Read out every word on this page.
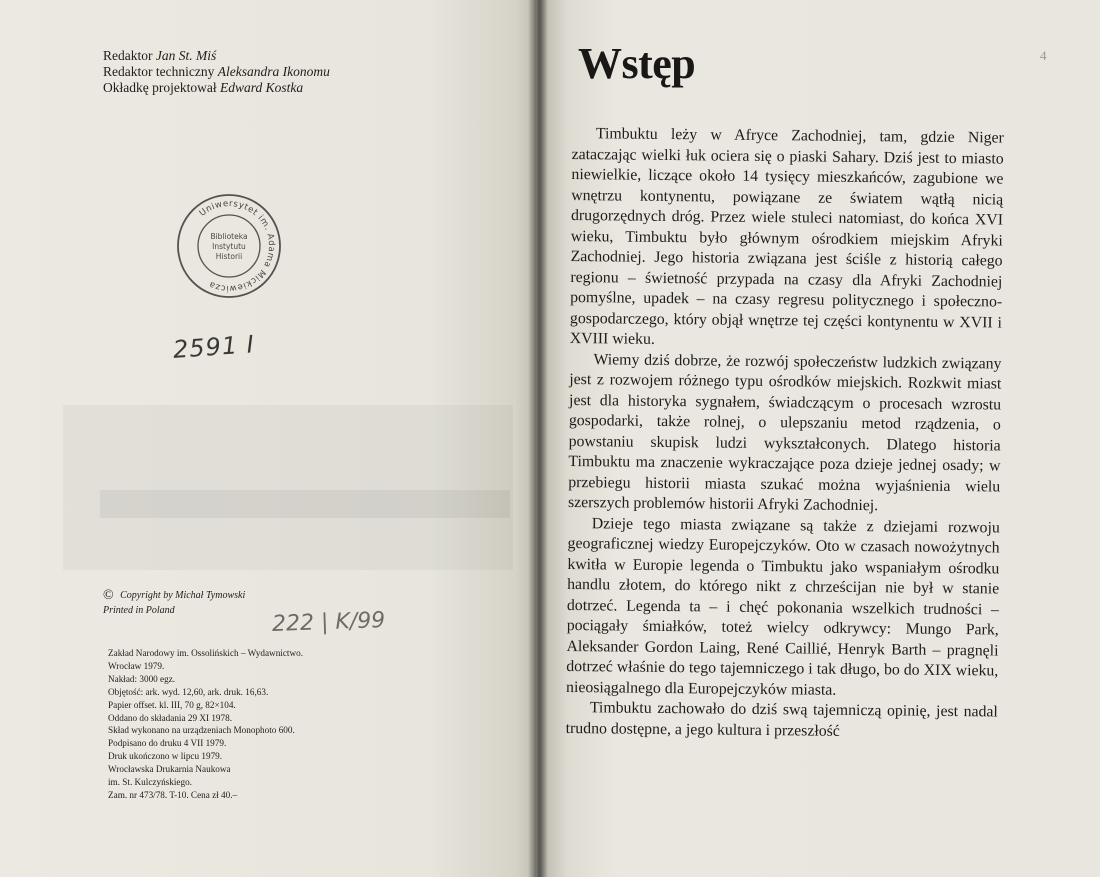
Redaktor Jan St. Miś
Redaktor techniczny Aleksandra Ikonomu
Okładkę projektował Edward Kostka
Uniwersytet im. Adama Mickiewicza
Biblioteka
Instytutu
Historii
2591 I
222 | K/99
© Copyright by Michał Tymowski
Printed in Poland
Zakład Narodowy im. Ossolińskich – Wydawnictwo.
Wrocław 1979.
Nakład: 3000 egz.
Objętość: ark. wyd. 12,60, ark. druk. 16,63.
Papier offset. kl. III, 70 g, 82×104.
Oddano do składania 29 XI 1978.
Skład wykonano na urządzeniach Monophoto 600.
Podpisano do druku 4 VII 1979.
Druk ukończono w lipcu 1979.
Wrocławska Drukarnia Naukowa
im. St. Kulczyńskiego.
Zam. nr 473/78. T-10. Cena zł 40.–
4
Wstęp

Timbuktu leży w Afryce Zachodniej, tam, gdzie Niger zataczając wielki łuk ociera się o piaski Sahary. Dziś jest to miasto niewielkie, liczące około 14 tysięcy mieszkańców, zagubione we wnętrzu kontynentu, powiązane ze światem wątłą nicią drugorzędnych dróg. Przez wiele stuleci natomiast, do końca XVI wieku, Timbuktu było głównym ośrodkiem miejskim Afryki Zachodniej. Jego historia związana jest ściśle z historią całego regionu – świetność przypada na czasy dla Afryki Zachodniej pomyślne, upadek – na czasy regresu politycznego i społeczno-gospodarczego, który objął wnętrze tej części kontynentu w XVII i XVIII wieku.

Wiemy dziś dobrze, że rozwój społeczeństw ludzkich związany jest z rozwojem różnego typu ośrodków miejskich. Rozkwit miast jest dla historyka sygnałem, świadczącym o procesach wzrostu gospodarki, także rolnej, o ulepszaniu metod rządzenia, o powstaniu skupisk ludzi wykształconych. Dlatego historia Timbuktu ma znaczenie wykraczające poza dzieje jednej osady; w przebiegu historii miasta szukać można wyjaśnienia wielu szerszych problemów historii Afryki Zachodniej.

Dzieje tego miasta związane są także z dziejami rozwoju geograficznej wiedzy Europejczyków. Oto w czasach nowożytnych kwitła w Europie legenda o Timbuktu jako wspaniałym ośrodku handlu złotem, do którego nikt z chrześcijan nie był w stanie dotrzeć. Legenda ta – i chęć pokonania wszelkich trudności – pociągały śmiałków, toteż wielcy odkrywcy: Mungo Park, Aleksander Gordon Laing, René Caillié, Henryk Barth – pragnęli dotrzeć właśnie do tego tajemniczego i tak długo, bo do XIX wieku, nieosiągalnego dla Europejczyków miasta.

Timbuktu zachowało do dziś swą tajemniczą opinię, jest nadal trudno dostępne, a jego kultura i przeszłość
